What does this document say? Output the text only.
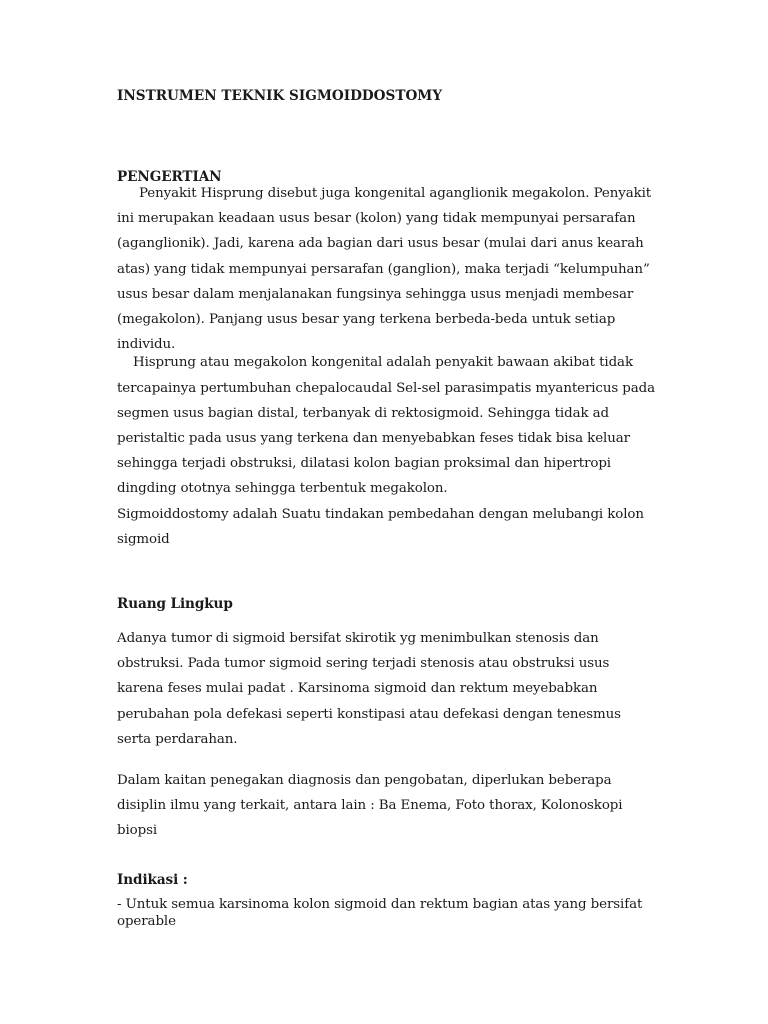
INSTRUMEN TEKNIK SIGMOIDDOSTOMY

PENGERTIAN

Penyakit Hisprung disebut juga kongenital aganglionik megakolon. Penyakit ini merupakan keadaan usus besar (kolon) yang tidak mempunyai persarafan (aganglionik). Jadi, karena ada bagian dari usus besar (mulai dari anus kearah atas) yang tidak mempunyai persarafan (ganglion), maka terjadi “kelumpuhan” usus besar dalam menjalanakan fungsinya sehingga usus menjadi membesar (megakolon). Panjang usus besar yang terkena berbeda-beda untuk setiap individu.

Hisprung atau megakolon kongenital adalah penyakit bawaan akibat tidak tercapainya pertumbuhan chepalocaudal Sel-sel parasimpatis myantericus pada segmen usus bagian distal, terbanyak di rektosigmoid. Sehingga tidak ad peristaltic pada usus yang terkena dan menyebabkan feses tidak bisa keluar sehingga terjadi obstruksi, dilatasi kolon bagian proksimal dan hipertropi dingding ototnya sehingga terbentuk megakolon.

Sigmoiddostomy adalah Suatu tindakan pembedahan dengan melubangi kolon sigmoid

Ruang Lingkup

Adanya tumor di sigmoid bersifat skirotik yg menimbulkan stenosis dan obstruksi. Pada tumor sigmoid sering terjadi stenosis atau obstruksi usus karena feses mulai padat . Karsinoma sigmoid dan rektum meyebabkan perubahan pola defekasi seperti konstipasi atau defekasi dengan tenesmus serta perdarahan.

Dalam kaitan penegakan diagnosis dan pengobatan, diperlukan beberapa disiplin ilmu yang terkait, antara lain : Ba Enema, Foto thorax, Kolonoskopi biopsi

Indikasi :

- Untuk semua karsinoma kolon sigmoid dan rektum bagian atas yang bersifat operable
